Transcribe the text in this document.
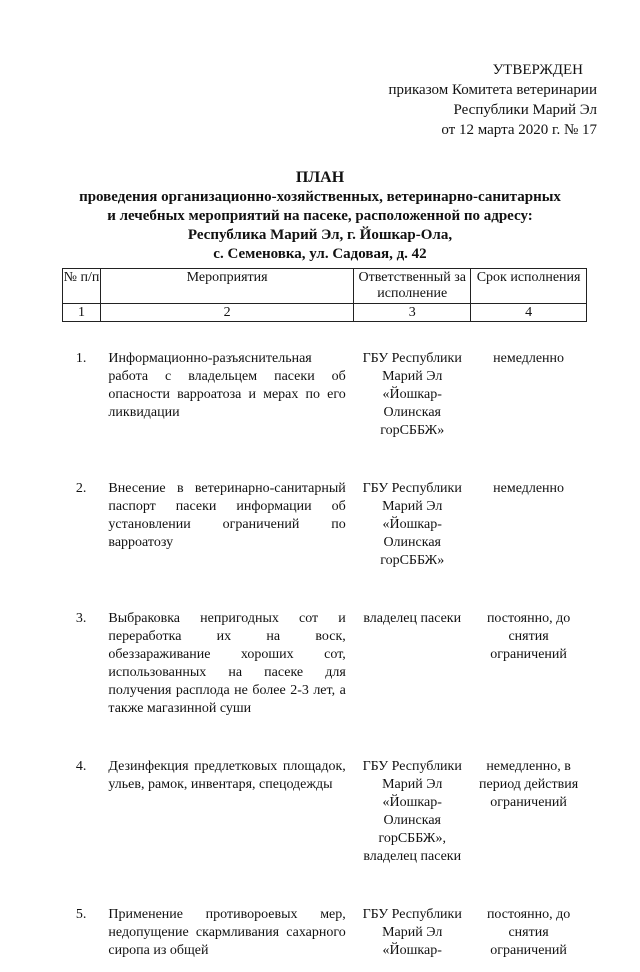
УТВЕРЖДЕН
приказом Комитета ветеринарии
Республики Марий Эл
от 12 марта 2020 г. № 17
ПЛАН
проведения организационно-хозяйственных, ветеринарно-санитарных
и лечебных мероприятий на пасеке, расположенной по адресу:
Республика Марий Эл, г. Йошкар-Ола,
с. Семеновка, ул. Садовая, д. 42
№ п/п	Мероприятия	Ответственный за исполнение	Срок исполнения
1	2	3	4
1.	Информационно-разъяснительная работа с владельцем пасеки об опасности варроатоза и мерах по его ликвидации	ГБУ Республики Марий Эл «Йошкар-Олинская горСББЖ»	немедленно
2.	Внесение в ветеринарно-санитарный паспорт пасеки информации об установлении ограничений по варроатозу	ГБУ Республики Марий Эл «Йошкар-Олинская горСББЖ»	немедленно
3.	Выбраковка непригодных сот и переработка их на воск, обеззараживание хороших сот, использованных на пасеке для получения расплода не более 2-3 лет, а также магазинной суши	владелец пасеки	постоянно, до снятия ограничений
4.	Дезинфекция предлетковых площадок, ульев, рамок, инвентаря, спецодежды	ГБУ Республики Марий Эл «Йошкар-Олинская горСББЖ», владелец пасеки	немедленно, в период действия ограничений
5.	Применение противороевых мер, недопущение скармливания сахарного сиропа из общей	ГБУ Республики Марий Эл «Йошкар-	постоянно, до снятия ограничений
